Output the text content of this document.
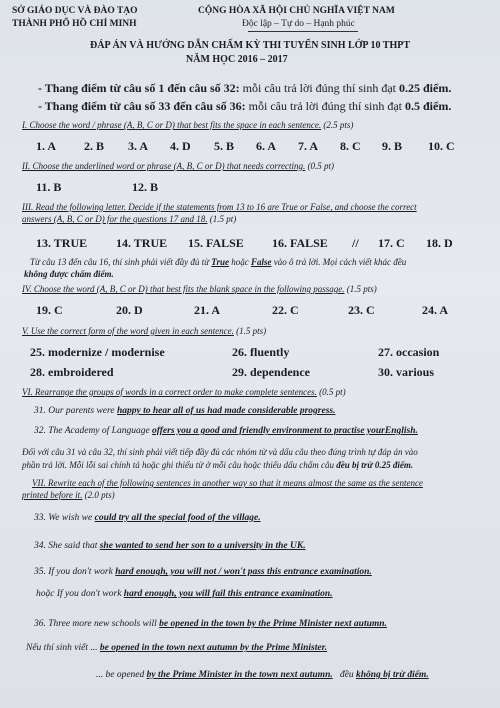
SỞ GIÁO DỤC VÀ ĐÀO TẠO
THÀNH PHỐ HỒ CHÍ MINH
CỘNG HÒA XÃ HỘI CHỦ NGHĨA VIỆT NAM
Độc lập – Tự do – Hạnh phúc
ĐÁP ÁN VÀ HƯỚNG DẪN CHẤM KỲ THI TUYỂN SINH LỚP 10 THPT
NĂM HỌC 2016 – 2017
- Thang điểm từ câu số 1 đến câu số 32: mỗi câu trả lời đúng thí sinh đạt 0.25 điểm.
- Thang điểm từ câu số 33 đến câu số 36: mỗi câu trả lời đúng thí sinh đạt 0.5 điểm.
I. Choose the word / phrase (A, B, C or D) that best fits the space in each sentence. (2.5 pts)
1. A 2. B 3. A 4. D 5. B 6. A 7. A 8. C 9. B 10. C
II. Choose the underlined word or phrase (A, B, C or D) that needs correcting. (0.5 pt)
11. B	12. B
III. Read the following letter. Decide if the statements from 13 to 16 are True or False, and choose the correct
answers (A, B, C or D) for the questions 17 and 18. (1.5 pt)
13. TRUE 14. TRUE 15. FALSE 16. FALSE // 17. C 18. D
Từ câu 13 đến câu 16, thí sinh phải viết đầy đủ từ True hoặc False vào ô trả lời. Mọi cách viết khác đều
không được chấm điểm.
IV. Choose the word (A, B, C or D) that best fits the blank space in the following passage. (1.5 pts)
19. C	20. D	21. A	22. C	23. C	24. A
V. Use the correct form of the word given in each sentence. (1.5 pts)
25. modernize / modernise	26. fluently	27. occasion
28. embroidered	29. dependence	30. various
VI. Rearrange the groups of words in a correct order to make complete sentences. (0.5 pt)
31. Our parents were happy to hear all of us had made considerable progress.
32. The Academy of Language offers you a good and friendly environment to practise yourEnglish.
Đối với câu 31 và câu 32, thí sinh phải viết tiếp đầy đủ các nhóm từ và dấu câu theo đúng trình tự đáp án vào
phần trả lời. Mỗi lỗi sai chính tả hoặc ghi thiếu từ ở mỗi câu hoặc thiếu dấu chấm câu đều bị trừ 0.25 điểm.
VII. Rewrite each of the following sentences in another way so that it means almost the same as the sentence
printed before it. (2.0 pts)
33. We wish we could try all the special food of the village.
34. She said that she wanted to send her son to a university in the UK.
35. If you don't work hard enough, you will not / won't pass this entrance examination.
hoặc If you don't work hard enough, you will fail this entrance examination.
36. Three more new schools will be opened in the town by the Prime Minister next autumn.
Nếu thí sinh viết ... be opened in the town next autumn by the Prime Minister.
... be opened by the Prime Minister in the town next autumn. đều không bị trừ điểm.
